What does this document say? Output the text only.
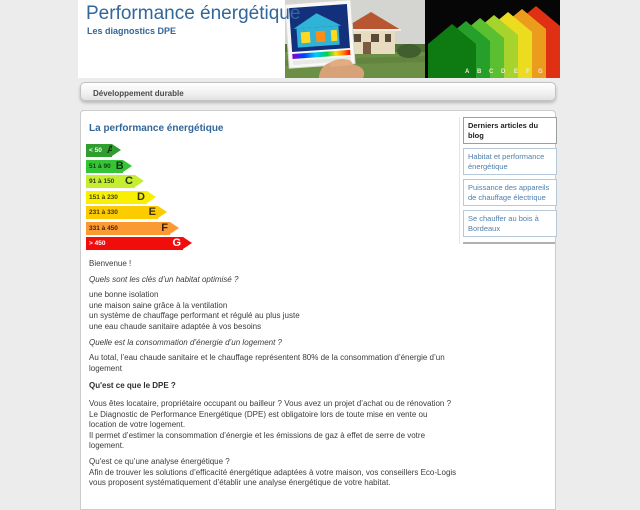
Performance énergétique
Les diagnostics DPE
A B C D E F G
Développement durable
La performance énergétique
< 50 A
51 à 90 B
91 à 150 C
151 à 230 D
231 à 330	E
331 à 450	F
> 450	G

Bienvenue !

Quels sont les clés d’un habitat optimisé ?

une bonne isolation
une maison saine grâce à la ventilation
un système de chauffage performant et régulé au plus juste
une eau chaude sanitaire adaptée à vos besoins

Quelle est la consommation d’énergie d’un logement ?

Au total, l’eau chaude sanitaire et le chauffage représentent 80% de la consommation d’énergie d’un logement

Qu'est ce que le DPE ?

Vous êtes locataire, propriétaire occupant ou bailleur ? Vous avez un projet d’achat ou de rénovation ?
Le Diagnostic de Performance Energétique (DPE) est obligatoire lors de toute mise en vente ou location de votre logement.
Il permet d’estimer la consommation d’énergie et les émissions de gaz à effet de serre de votre logement.

Qu'est ce qu’une analyse énergétique ?
Afin de trouver les solutions d’efficacité énergétique adaptées à votre maison, vos conseillers Eco-Logis vous proposent systématiquement d’établir une analyse énergétique de votre habitat.

Derniers articles du blog
Habitat et performance énergétique
Puissance des appareils de chauffage électrique
Se chauffer au bois à Bordeaux
